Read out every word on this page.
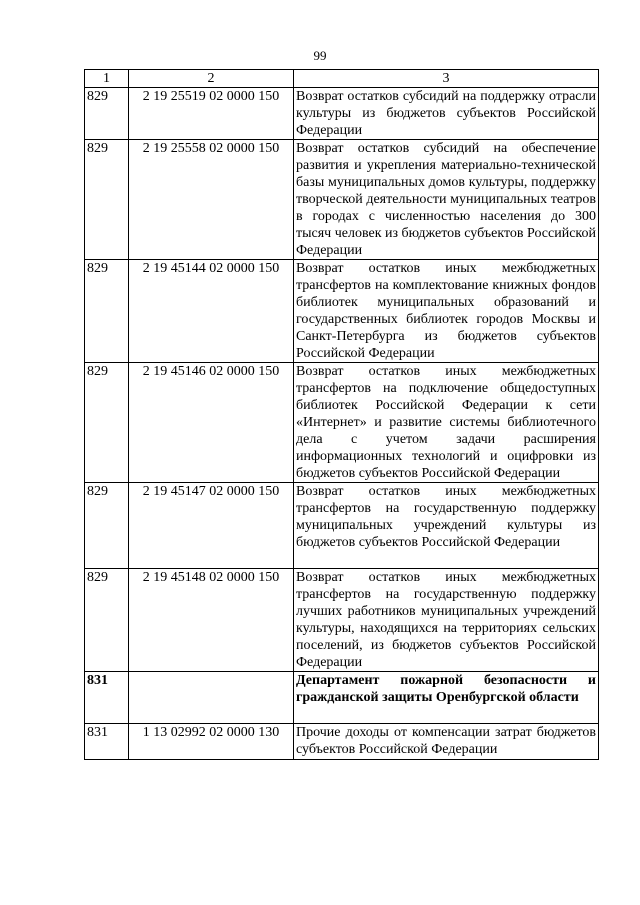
99
1	2	3
829	2 19 25519 02 0000 150	Возврат остатков субсидий на поддержку отрасли культуры из бюджетов субъектов Российской Федерации
829	2 19 25558 02 0000 150	Возврат остатков субсидий на обеспечение развития и укрепления материально-технической базы муниципальных домов культуры, поддержку творческой деятельности муниципальных театров в городах с численностью населения до 300 тысяч человек из бюджетов субъектов Российской Федерации
829	2 19 45144 02 0000 150	Возврат остатков иных межбюджетных трансфертов на комплектование книжных фондов библиотек муниципальных образований и государственных библиотек городов Москвы и Санкт-Петербурга из бюджетов субъектов Российской Федерации
829	2 19 45146 02 0000 150	Возврат остатков иных межбюджетных трансфертов на подключение общедоступных библиотек Российской Федерации к сети «Интернет» и развитие системы библиотечного дела с учетом задачи расширения информационных технологий и оцифровки из бюджетов субъектов Российской Федерации
829	2 19 45147 02 0000 150	Возврат остатков иных межбюджетных трансфертов на государственную поддержку муниципальных учреждений культуры из бюджетов субъектов Российской Федерации
829	2 19 45148 02 0000 150	Возврат остатков иных межбюджетных трансфертов на государственную поддержку лучших работников муниципальных учреждений культуры, находящихся на территориях сельских поселений, из бюджетов субъектов Российской Федерации
831		Департамент пожарной безопасности и гражданской защиты Оренбургской области
831	1 13 02992 02 0000 130	Прочие доходы от компенсации затрат бюджетов субъектов Российской Федерации
